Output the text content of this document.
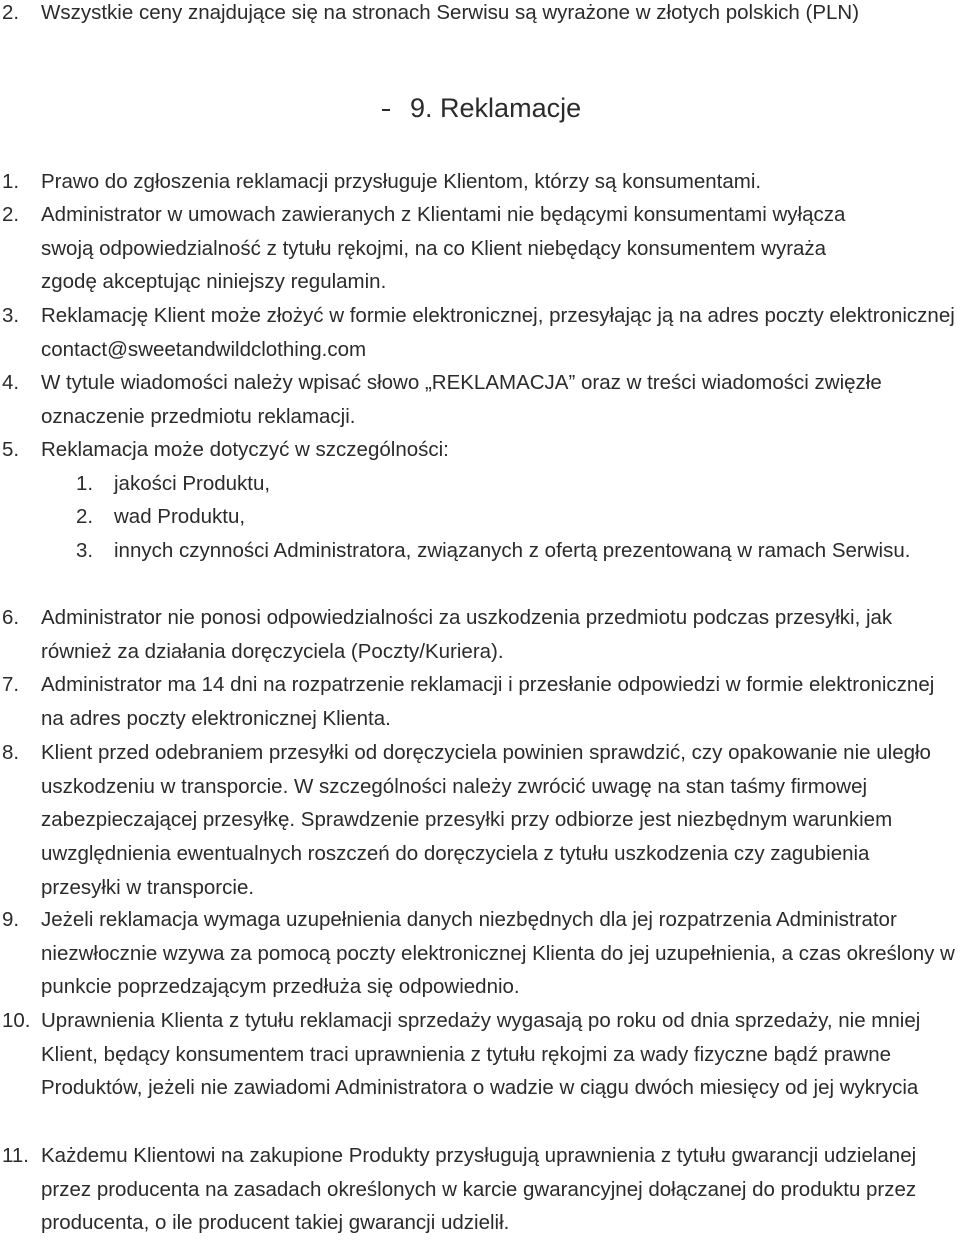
2. Wszystkie ceny znajdujące się na stronach Serwisu są wyrażone w złotych polskich (PLN)
9. Reklamacje
1. Prawo do zgłoszenia reklamacji przysługuje Klientom, którzy są konsumentami.
2. Administrator w umowach zawieranych z Klientami nie będącymi konsumentami wyłącza swoją odpowiedzialność z tytułu rękojmi, na co Klient niebędący konsumentem wyraża zgodę akceptując niniejszy regulamin.
3. Reklamację Klient może złożyć w formie elektronicznej, przesyłając ją na adres poczty elektronicznej contact@sweetandwildclothing.com
4. W tytule wiadomości należy wpisać słowo „REKLAMACJA” oraz w treści wiadomości zwięzłe oznaczenie przedmiotu reklamacji.
5. Reklamacja może dotyczyć w szczególności:
1. jakości Produktu,
2. wad Produktu,
3. innych czynności Administratora, związanych z ofertą prezentowaną w ramach Serwisu.
6. Administrator nie ponosi odpowiedzialności za uszkodzenia przedmiotu podczas przesyłki, jak również za działania doręczyciela (Poczty/Kuriera).
7. Administrator ma 14 dni na rozpatrzenie reklamacji i przesłanie odpowiedzi w formie elektronicznej na adres poczty elektronicznej Klienta.
8. Klient przed odebraniem przesyłki od doręczyciela powinien sprawdzić, czy opakowanie nie uległo uszkodzeniu w transporcie. W szczególności należy zwrócić uwagę na stan taśmy firmowej zabezpieczającej przesyłkę. Sprawdzenie przesyłki przy odbiorze jest niezbędnym warunkiem uwzględnienia ewentualnych roszczeń do doręczyciela z tytułu uszkodzenia czy zagubienia przesyłki w transporcie.
9. Jeżeli reklamacja wymaga uzupełnienia danych niezbędnych dla jej rozpatrzenia Administrator niezwłocznie wzywa za pomocą poczty elektronicznej Klienta do jej uzupełnienia, a czas określony w punkcie poprzedzającym przedłuża się odpowiednio.
10. Uprawnienia Klienta z tytułu reklamacji sprzedaży wygasają po roku od dnia sprzedaży, nie mniej Klient, będący konsumentem traci uprawnienia z tytułu rękojmi za wady fizyczne bądź prawne Produktów, jeżeli nie zawiadomi Administratora o wadzie w ciągu dwóch miesięcy od jej wykrycia
11. Każdemu Klientowi na zakupione Produkty przysługują uprawnienia z tytułu gwarancji udzielanej przez producenta na zasadach określonych w karcie gwarancyjnej dołączanej do produktu przez producenta, o ile producent takiej gwarancji udzielił.
